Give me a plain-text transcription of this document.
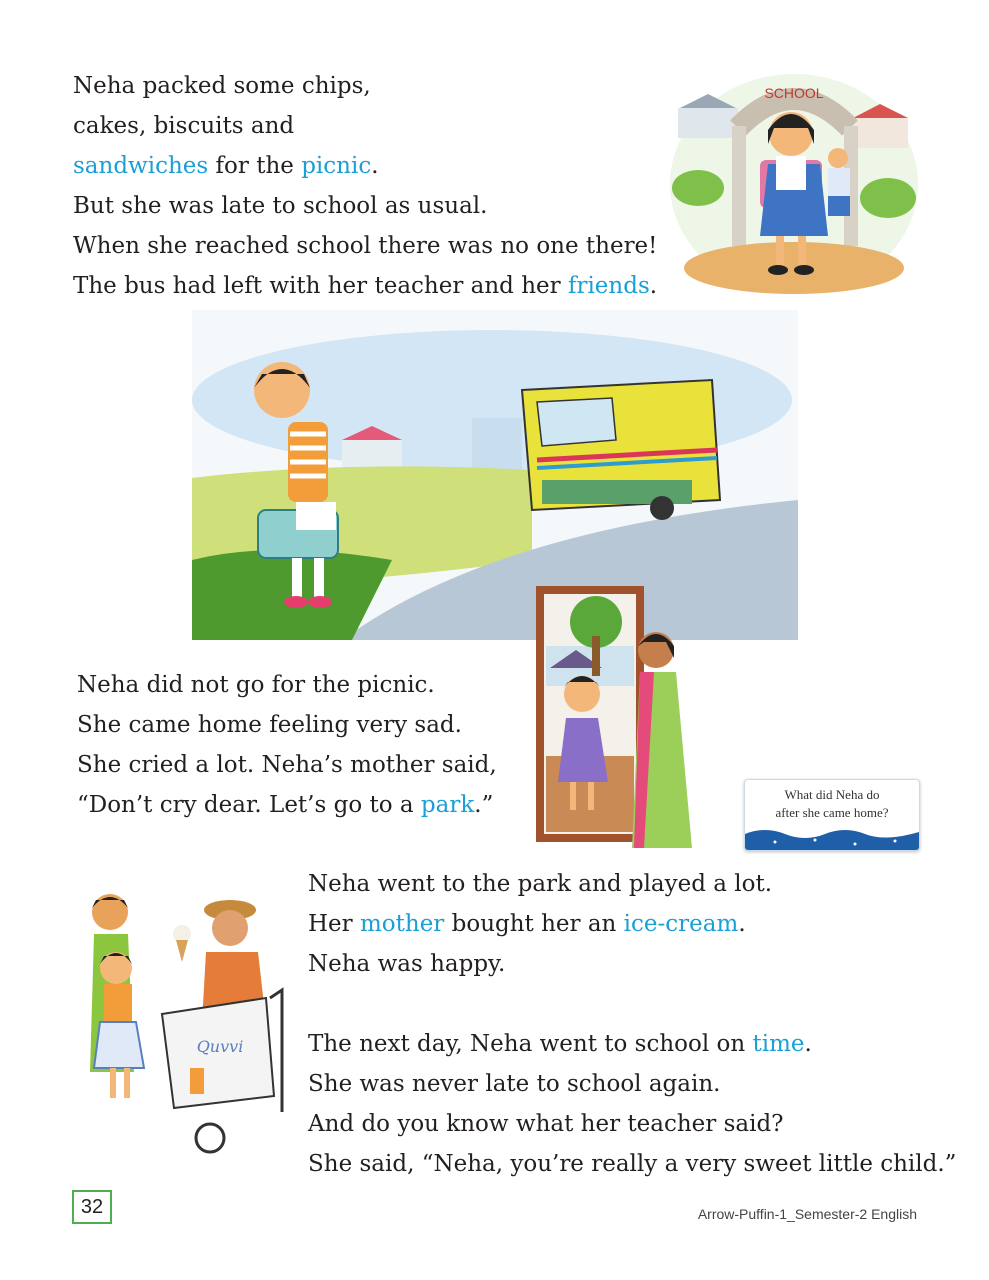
Neha packed some chips,
cakes, biscuits and
sandwiches for the picnic.
But she was late to school as usual.
When she reached school there was no one there!
The bus had left with her teacher and her friends.
SCHOOL
Neha did not go for the picnic.
She came home feeling very sad.
She cried a lot. Neha’s mother said,
“Don’t cry dear. Let’s go to a park.”	What did Neha do
after she came home?
Quvvi
Neha went to the park and played a lot.
Her mother bought her an ice-cream.
Neha was happy.
The next day, Neha went to school on time.
She was never late to school again.
And do you know what her teacher said?
She said, “Neha, you’re really a very sweet little child.”
32	Arrow-Puffin-1_Semester-2 English
